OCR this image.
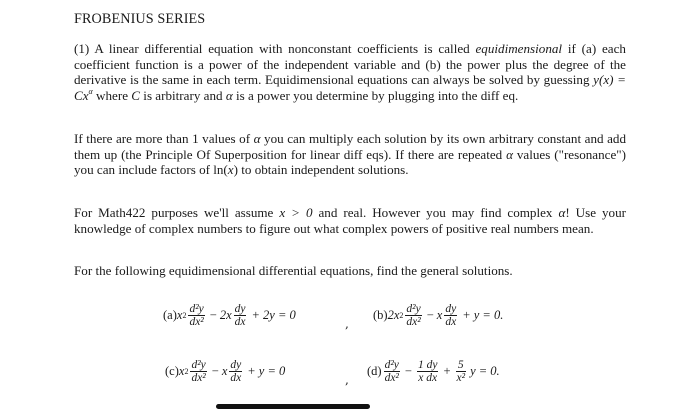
FROBENIUS SERIES
(1) A linear differential equation with nonconstant coefficients is called equidimensional if (a) each coefficient function is a power of the independent variable and (b) the power plus the degree of the derivative is the same in each term. Equidimensional equations can always be solved by guessing $y(x) = Cx^\alpha$ where C is arbitrary and α is a power you determine by plugging into the diff eq.
If there are more than 1 values of α you can multiply each solution by its own arbitrary constant and add them up (the Principle Of Superposition for linear diff eqs). If there are repeated α values ("resonance") you can include factors of ln(x) to obtain independent solutions.
For Math422 purposes we'll assume x > 0 and real. However you may find complex α! Use your knowledge of complex numbers to figure out what complex powers of positive real numbers mean.
For the following equidimensional differential equations, find the general solutions.
(a) x $2 \frac{\text{d²y}}{\text{dx²}} - 2x \frac{dy}{dx} + 2y = 0$
,
(b) 2x $2 \frac{\text{d²y}}{\text{dx²}} - x \frac{dy}{dx} + y = 0$.
(c) x $2 \frac{\text{d²y}}{\text{dx²}} - x \frac{dy}{dx} + y = 0$
,
$(d) \frac{\text{d²y}}{\text{dx²}} - \frac{1 dy}{\text{x dx}} + \frac{5}{\text{x²}}$ y = 0.
